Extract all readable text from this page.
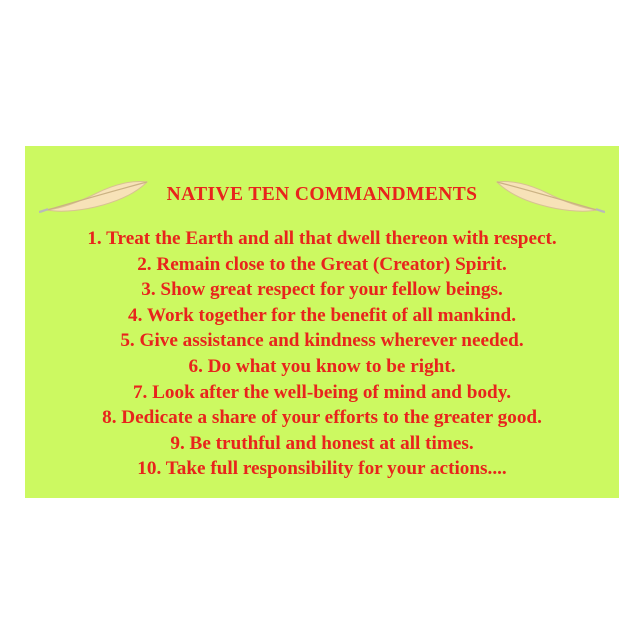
NATIVE TEN COMMANDMENTS
1. Treat the Earth and all that dwell thereon with respect.
2. Remain close to the Great (Creator) Spirit.
3. Show great respect for your fellow beings.
4. Work together for the benefit of all mankind.
5. Give assistance and kindness wherever needed.
6. Do what you know to be right.
7. Look after the well-being of mind and body.
8. Dedicate a share of your efforts to the greater good.
9. Be truthful and honest at all times.
10. Take full responsibility for your actions....
